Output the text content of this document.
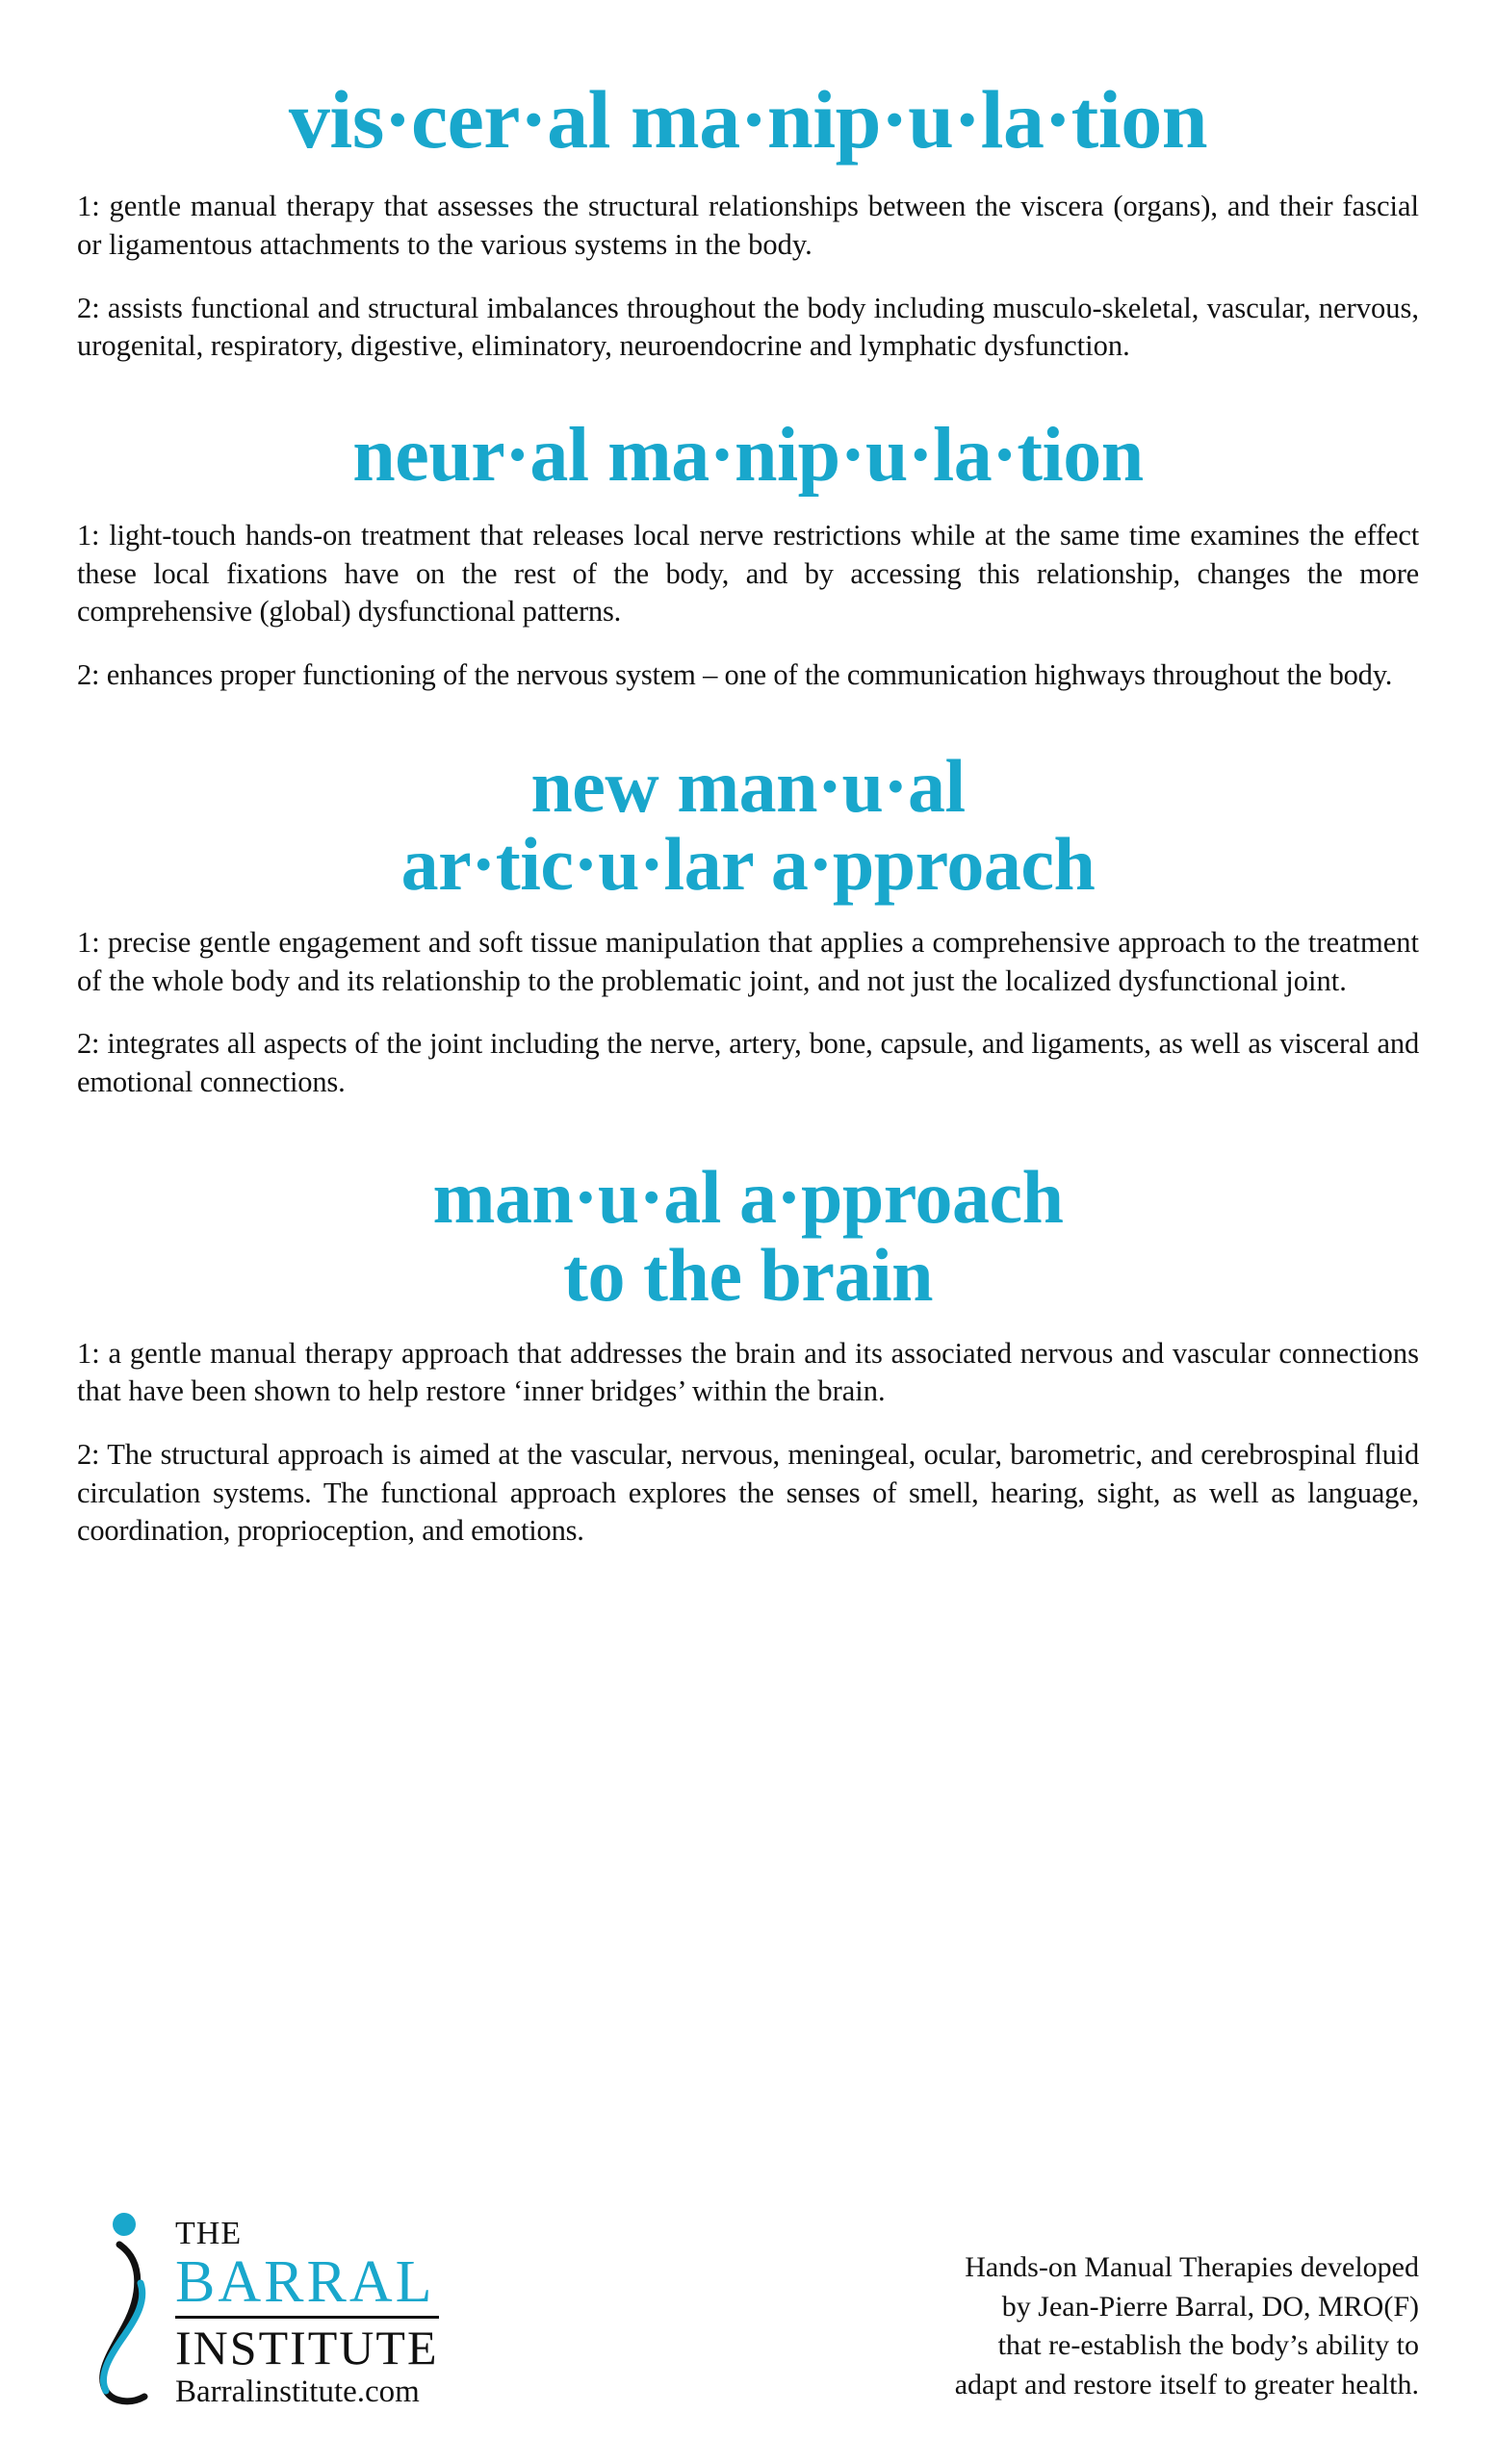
vis·cer·al ma·nip·u·la·tion

1: gentle manual therapy that assesses the structural relationships between the viscera (organs), and their fascial or ligamentous attachments to the various systems in the body.

2: assists functional and structural imbalances throughout the body including musculo-skeletal, vascular, nervous, urogenital, respiratory, digestive, eliminatory, neuroendocrine and lymphatic dysfunction.

neur·al ma·nip·u·la·tion

1: light-touch hands-on treatment that releases local nerve restrictions while at the same time examines the effect these local fixations have on the rest of the body, and by accessing this relationship, changes the more comprehensive (global) dysfunctional patterns.

2: enhances proper functioning of the nervous system – one of the communication highways throughout the body.

new man·u·al
ar·tic·u·lar a·pproach

1: precise gentle engagement and soft tissue manipulation that applies a comprehensive approach to the treatment of the whole body and its relationship to the problematic joint, and not just the localized dysfunctional joint.

2: integrates all aspects of the joint including the nerve, artery, bone, capsule, and ligaments, as well as visceral and emotional connections.

man·u·al a·pproach
to the brain

1: a gentle manual therapy approach that addresses the brain and its associated nervous and vascular connections that have been shown to help restore ‘inner bridges’ within the brain.

2: The structural approach is aimed at the vascular, nervous, meningeal, ocular, barometric, and cerebrospinal fluid circulation systems. The functional approach explores the senses of smell, hearing, sight, as well as language, coordination, proprioception, and emotions.

THE
BARRAL
INSTITUTE
Barralinstitute.com
Hands-on Manual Therapies developed
by Jean-Pierre Barral, DO, MRO(F)
that re-establish the body’s ability to
adapt and restore itself to greater health.
